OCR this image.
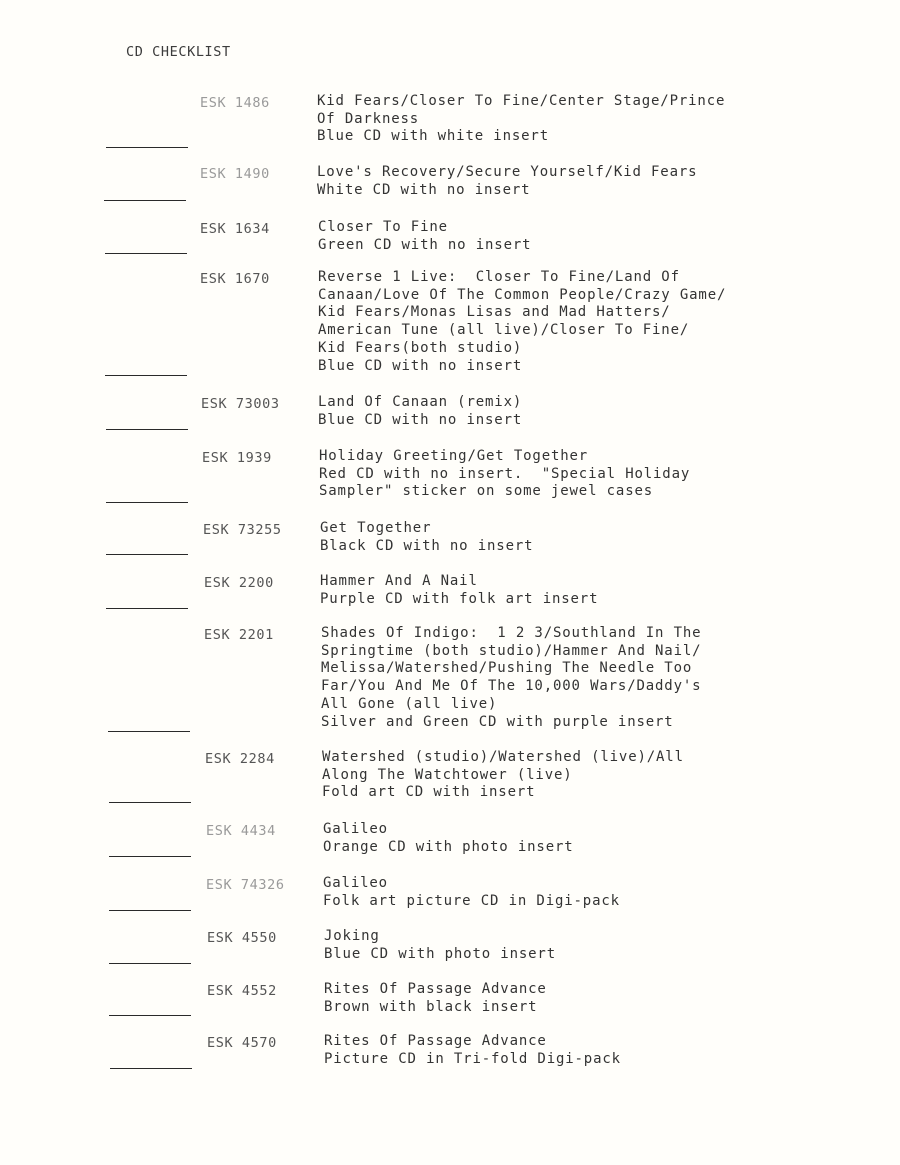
CD CHECKLIST
ESK 1486	Kid Fears/Closer To Fine/Center Stage/Prince
Of Darkness
Blue CD with white insert
ESK 1490	Love's Recovery/Secure Yourself/Kid Fears
White CD with no insert
ESK 1634	Closer To Fine
Green CD with no insert
ESK 1670	Reverse 1 Live:  Closer To Fine/Land Of
Canaan/Love Of The Common People/Crazy Game/
Kid Fears/Monas Lisas and Mad Hatters/
American Tune (all live)/Closer To Fine/
Kid Fears(both studio)
Blue CD with no insert
ESK 73003	Land Of Canaan (remix)
Blue CD with no insert
ESK 1939	Holiday Greeting/Get Together
Red CD with no insert.  "Special Holiday
Sampler" sticker on some jewel cases
ESK 73255	Get Together
Black CD with no insert
ESK 2200	Hammer And A Nail
Purple CD with folk art insert
ESK 2201	Shades Of Indigo:  1 2 3/Southland In The
Springtime (both studio)/Hammer And Nail/
Melissa/Watershed/Pushing The Needle Too
Far/You And Me Of The 10,000 Wars/Daddy's
All Gone (all live)
Silver and Green CD with purple insert
ESK 2284	Watershed (studio)/Watershed (live)/All
Along The Watchtower (live)
Fold art CD with insert
ESK 4434	Galileo
Orange CD with photo insert
ESK 74326	Galileo
Folk art picture CD in Digi-pack
ESK 4550	Joking
Blue CD with photo insert
ESK 4552	Rites Of Passage Advance
Brown with black insert
ESK 4570	Rites Of Passage Advance
Picture CD in Tri-fold Digi-pack
